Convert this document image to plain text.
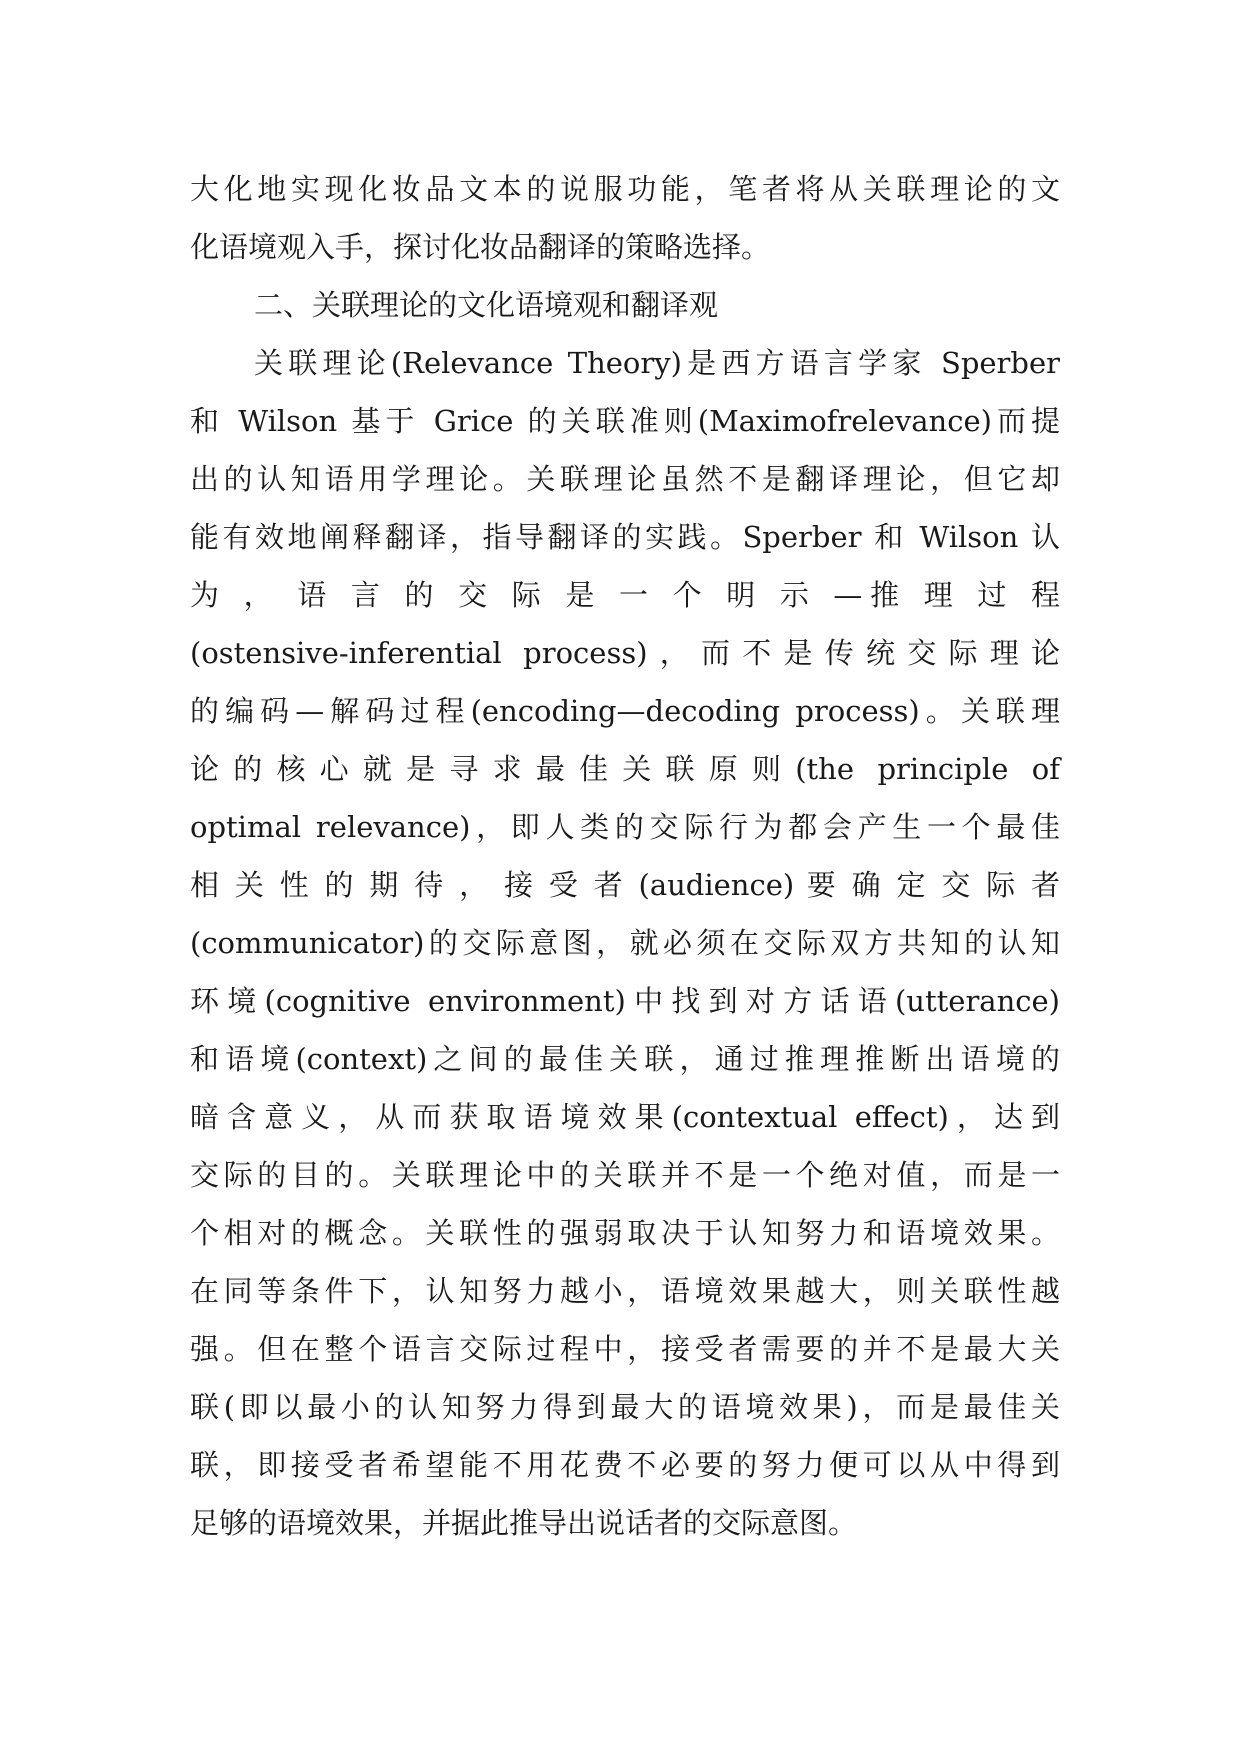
大化地实现化妆品文本的说服功能，笔者将从关联理论的文
化语境观入手，探讨化妆品翻译的策略选择。
二、关联理论的文化语境观和翻译观
关联理论(Relevance Theory)是西方语言学家 Sperber
和 Wilson 基于 Grice 的关联准则(Maximofrelevance)而提
出的认知语用学理论。关联理论虽然不是翻译理论，但它却
能有效地阐释翻译，指导翻译的实践。Sperber 和 Wilson 认
为 ， 语 言 的 交 际 是 一 个 明 示 —推 理 过 程
(ostensive-inferential process)，而不是传统交际理论
的编码—解码过程(encoding—decoding process)。关联理
论的核心就是寻求最佳关联原则(the principle of
optimal relevance)，即人类的交际行为都会产生一个最佳
相 关 性 的 期 待 ， 接 受 者 (audience) 要 确 定 交 际 者
(communicator)的交际意图，就必须在交际双方共知的认知
环境(cognitive environment)中找到对方话语(utterance)
和语境(context)之间的最佳关联，通过推理推断出语境的
暗含意义，从而获取语境效果(contextual effect)，达到
交际的目的。关联理论中的关联并不是一个绝对值，而是一
个相对的概念。关联性的强弱取决于认知努力和语境效果。
在同等条件下，认知努力越小，语境效果越大，则关联性越
强。但在整个语言交际过程中，接受者需要的并不是最大关
联(即以最小的认知努力得到最大的语境效果)，而是最佳关
联，即接受者希望能不用花费不必要的努力便可以从中得到
足够的语境效果，并据此推导出说话者的交际意图。
